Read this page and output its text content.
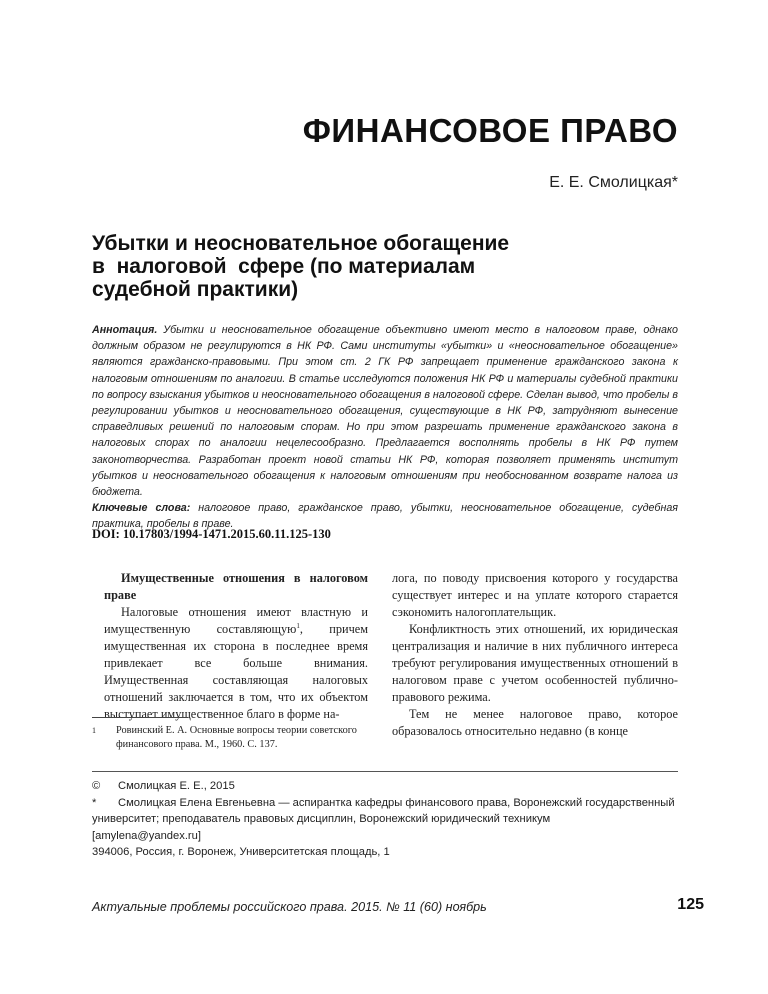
ФИНАНСОВОЕ ПРАВО
Е. Е. Смолицкая*
Убытки и неосновательное обогащение
в  налоговой  сфере (по материалам
судебной практики)
Аннотация. Убытки и неосновательное обогащение объективно имеют место в налоговом праве, однако должным образом не регулируются в НК РФ. Сами институты «убытки» и «неосновательное обогащение» являются гражданско-правовыми. При этом ст. 2 ГК РФ запрещает применение гражданского закона к налоговым отношениям по аналогии. В статье исследуются положения НК РФ и материалы судебной практики по вопросу взыскания убытков и неосновательного обогащения в налоговой сфере. Сделан вывод, что пробелы в регулировании убытков и неосновательного обогащения, существующие в НК РФ, затрудняют вынесение справедливых решений по налоговым спорам. Но при этом разрешать применение гражданского закона в налоговых спорах по аналогии нецелесообразно. Предлагается восполнять пробелы в НК РФ путем законотворчества. Разработан проект новой статьи НК РФ, которая позволяет применять институт убытков и неосновательного обогащения к налоговым отношениям при необоснованном возврате налога из бюджета.
Ключевые слова: налоговое право, гражданское право, убытки, неосновательное обогащение, судебная практика, пробелы в праве.
DOI: 10.17803/1994-1471.2015.60.11.125-130

Имущественные отношения в налоговом праве

Налоговые отношения имеют властную и имущественную составляющую$^1$, причем имущественная их сторона в последнее время привлекает все больше внимания. Имущественная составляющая налоговых отношений заключается в том, что их объектом выступает имущественное благо в форме на-

лога, по поводу присвоения которого у государства существует интерес и на уплате которого старается сэкономить налогоплательщик.

Конфликтность этих отношений, их юридическая централизация и наличие в них публичного интереса требуют регулирования имущественных отношений в налоговом праве с учетом особенностей публично-правового режима.

Тем не менее налоговое право, которое образовалось относительно недавно (в конце

1	Ровинский Е. А. Основные вопросы теории советского финансового права. М., 1960. С. 137.
© Смолицкая Е. Е., 2015
*	Смолицкая Елена Евгеньевна — аспирантка кафедры финансового права, Воронежский государственный университет; преподаватель правовых дисциплин, Воронежский юридический техникум
[amylena@yandex.ru]
394006, Россия, г. Воронеж, Университетская площадь, 1
Актуальные проблемы российского права. 2015. № 11 (60) ноябрь	125
